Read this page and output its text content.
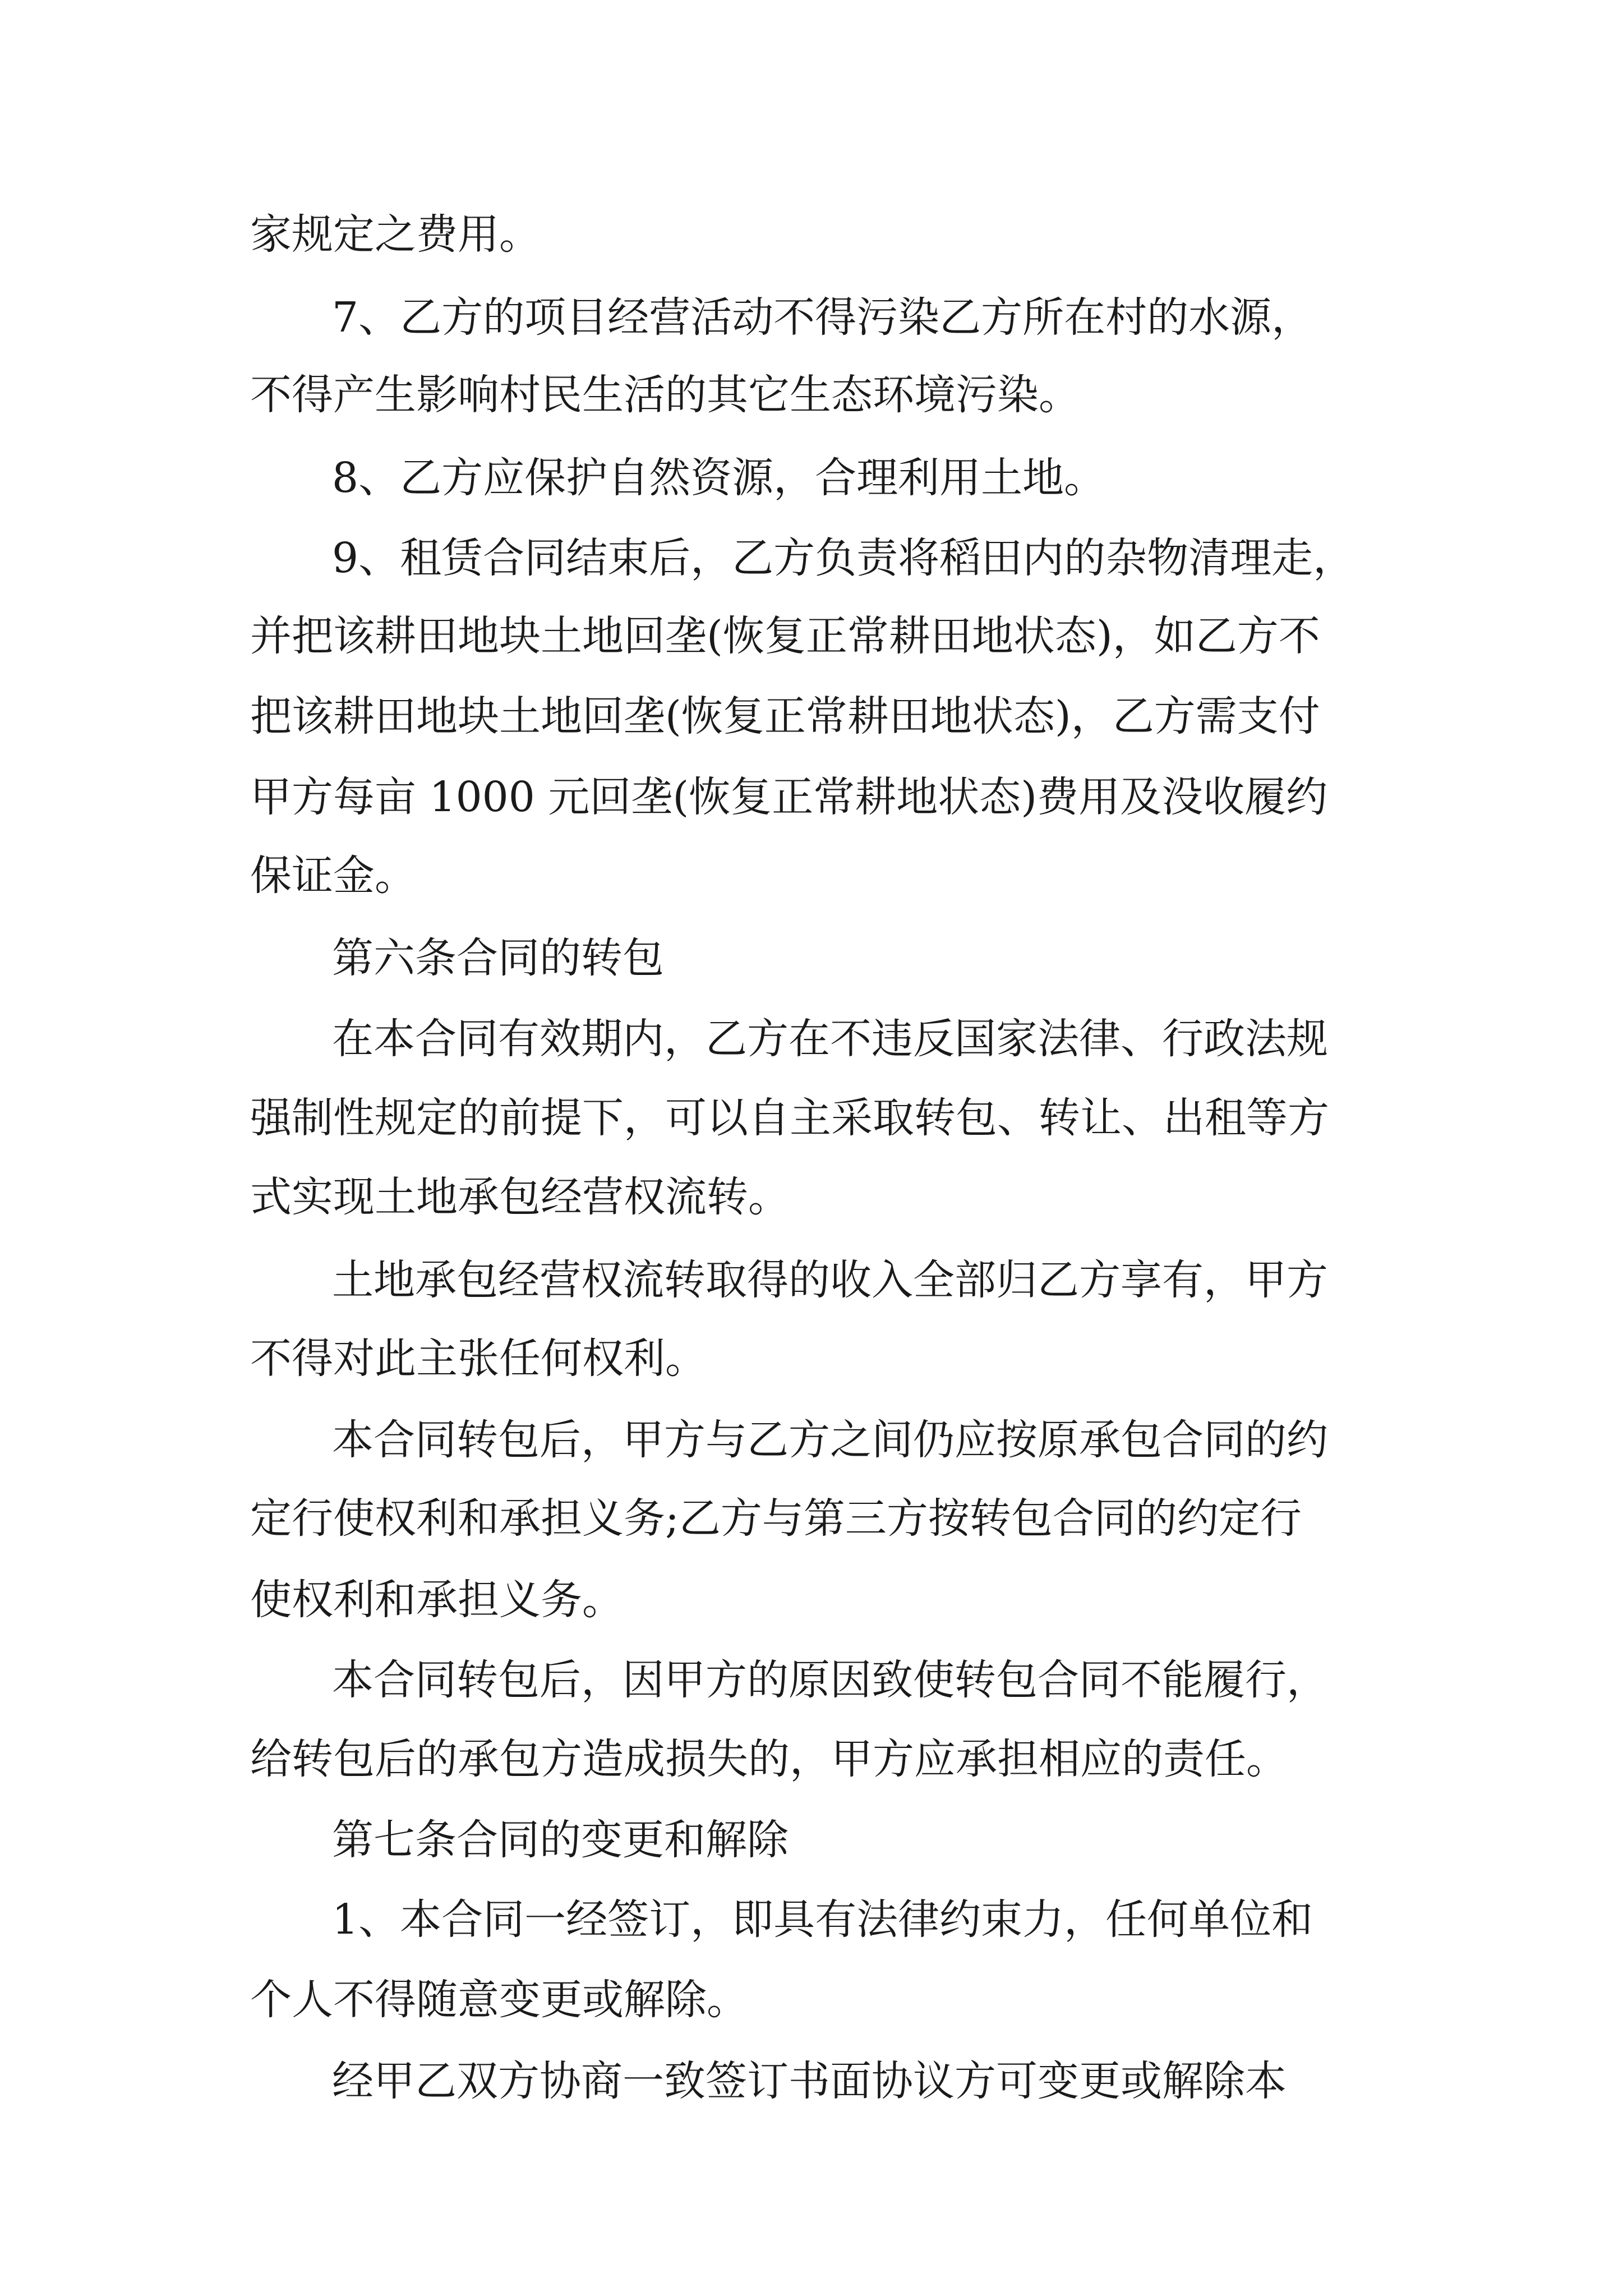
家规定之费用。

7、乙方的项目经营活动不得污染乙方所在村的水源，

不得产生影响村民生活的其它生态环境污染。

8、乙方应保护自然资源，合理利用土地。

9、租赁合同结束后，乙方负责将稻田内的杂物清理走，

并把该耕田地块土地回垄(恢复正常耕田地状态)，如乙方不

把该耕田地块土地回垄(恢复正常耕田地状态)，乙方需支付

甲方每亩 1000 元回垄(恢复正常耕地状态)费用及没收履约

保证金。

第六条合同的转包

在本合同有效期内，乙方在不违反国家法律、行政法规

强制性规定的前提下，可以自主采取转包、转让、出租等方

式实现土地承包经营权流转。

土地承包经营权流转取得的收入全部归乙方享有，甲方

不得对此主张任何权利。

本合同转包后，甲方与乙方之间仍应按原承包合同的约

定行使权利和承担义务;乙方与第三方按转包合同的约定行

使权利和承担义务。

本合同转包后，因甲方的原因致使转包合同不能履行，

给转包后的承包方造成损失的，甲方应承担相应的责任。

第七条合同的变更和解除

1、本合同一经签订，即具有法律约束力，任何单位和

个人不得随意变更或解除。

经甲乙双方协商一致签订书面协议方可变更或解除本
